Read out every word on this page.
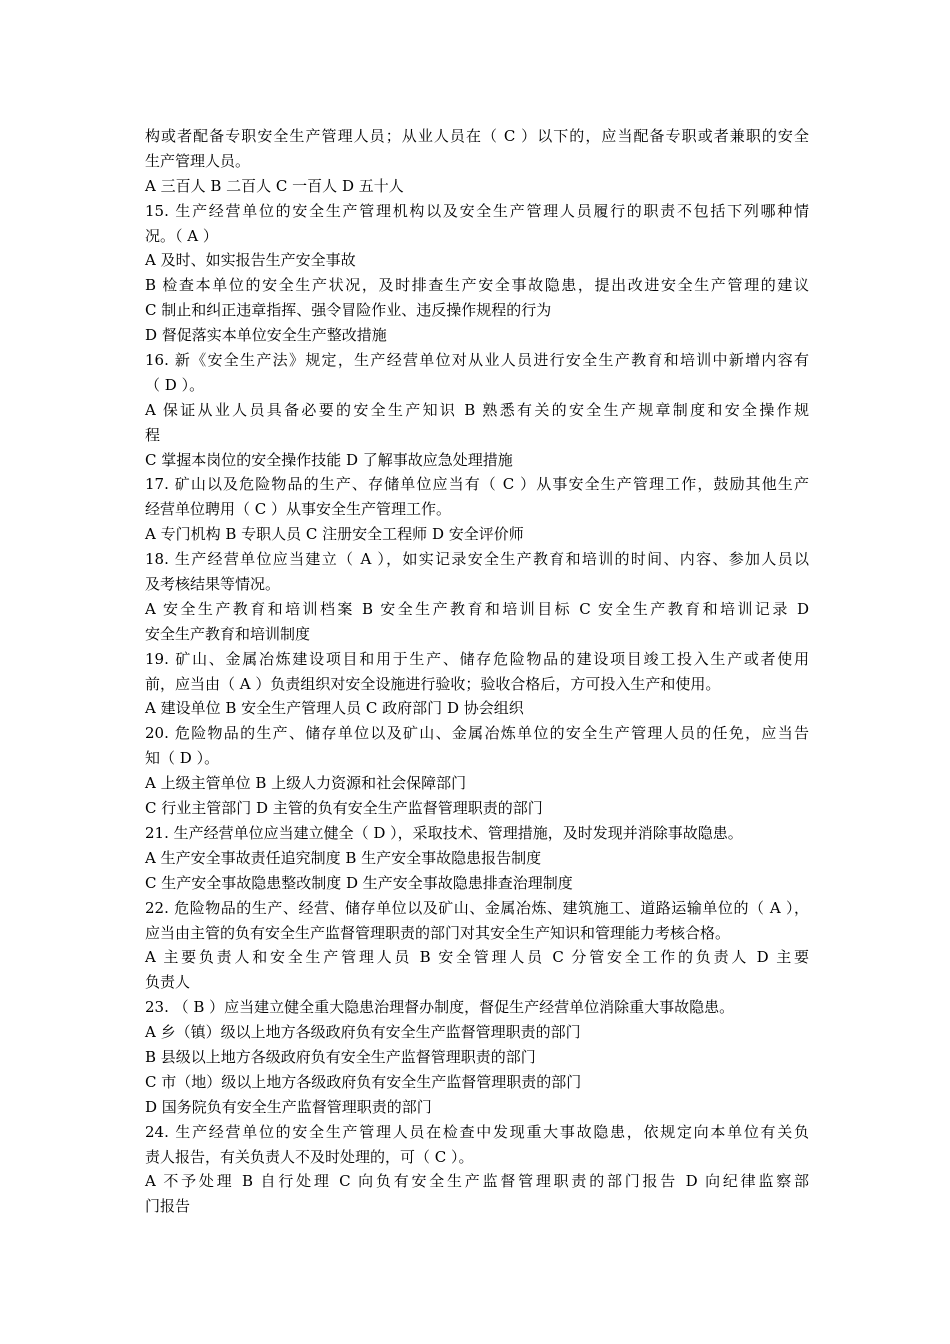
构或者配备专职安全生产管理人员；从业人员在（ C ）以下的，应当配备专职或者兼职的安全

生产管理人员。

A 三百人 B 二百人 C 一百人 D 五十人

15. 生产经营单位的安全生产管理机构以及安全生产管理人员履行的职责不包括下列哪种情

况。（ A ）

A 及时、如实报告生产安全事故

B 检查本单位的安全生产状况，及时排查生产安全事故隐患，提出改进安全生产管理的建议

C 制止和纠正违章指挥、强令冒险作业、违反操作规程的行为

D 督促落实本单位安全生产整改措施

16. 新《安全生产法》规定，生产经营单位对从业人员进行安全生产教育和培训中新增内容有

（ D ）。

A 保证从业人员具备必要的安全生产知识 B 熟悉有关的安全生产规章制度和安全操作规

程

C 掌握本岗位的安全操作技能 D 了解事故应急处理措施

17. 矿山以及危险物品的生产、存储单位应当有（ C ）从事安全生产管理工作，鼓励其他生产

经营单位聘用（ C ）从事安全生产管理工作。

A 专门机构 B 专职人员 C 注册安全工程师 D 安全评价师

18. 生产经营单位应当建立（ A ），如实记录安全生产教育和培训的时间、内容、参加人员以

及考核结果等情况。

A 安全生产教育和培训档案 B 安全生产教育和培训目标 C 安全生产教育和培训记录 D

安全生产教育和培训制度

19. 矿山、金属冶炼建设项目和用于生产、储存危险物品的建设项目竣工投入生产或者使用

前，应当由（ A ）负责组织对安全设施进行验收；验收合格后，方可投入生产和使用。

A 建设单位 B 安全生产管理人员 C 政府部门 D 协会组织

20. 危险物品的生产、储存单位以及矿山、金属冶炼单位的安全生产管理人员的任免，应当告

知（ D ）。

A 上级主管单位 B 上级人力资源和社会保障部门

C 行业主管部门 D 主管的负有安全生产监督管理职责的部门

21. 生产经营单位应当建立健全（ D ），采取技术、管理措施，及时发现并消除事故隐患。

A 生产安全事故责任追究制度 B 生产安全事故隐患报告制度

C 生产安全事故隐患整改制度 D 生产安全事故隐患排查治理制度

22. 危险物品的生产、经营、储存单位以及矿山、金属冶炼、建筑施工、道路运输单位的（ A ），

应当由主管的负有安全生产监督管理职责的部门对其安全生产知识和管理能力考核合格。

A 主要负责人和安全生产管理人员 B 安全管理人员 C 分管安全工作的负责人 D 主要

负责人

23. （ B ）应当建立健全重大隐患治理督办制度，督促生产经营单位消除重大事故隐患。

A 乡（镇）级以上地方各级政府负有安全生产监督管理职责的部门

B 县级以上地方各级政府负有安全生产监督管理职责的部门

C 市（地）级以上地方各级政府负有安全生产监督管理职责的部门

D 国务院负有安全生产监督管理职责的部门

24. 生产经营单位的安全生产管理人员在检查中发现重大事故隐患，依规定向本单位有关负

责人报告，有关负责人不及时处理的，可（ C ）。

A 不予处理 B 自行处理 C 向负有安全生产监督管理职责的部门报告 D 向纪律监察部

门报告
